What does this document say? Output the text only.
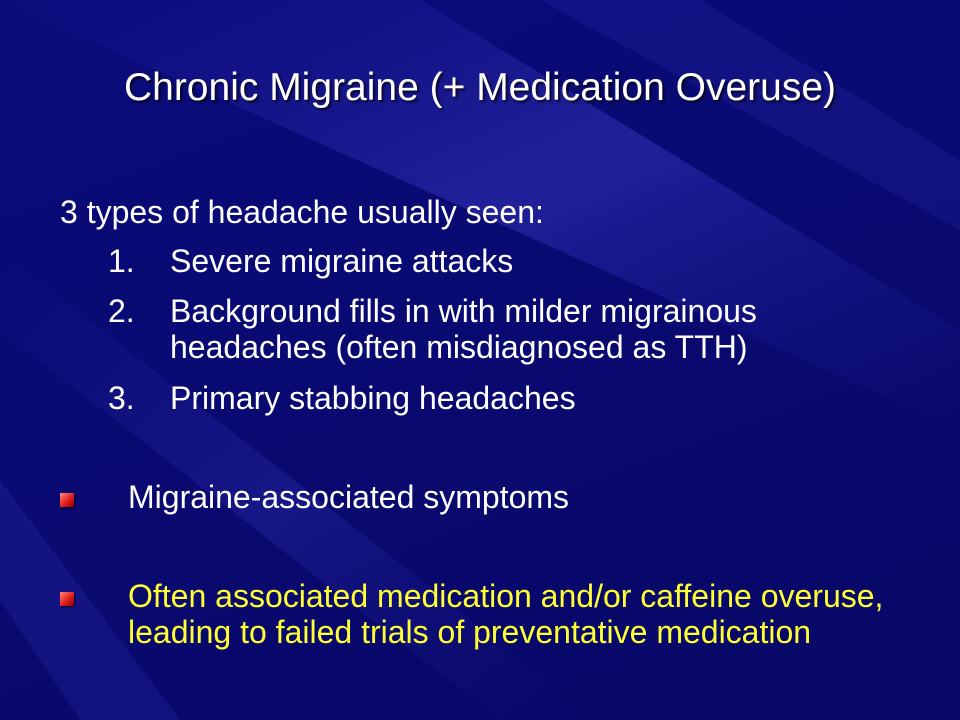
Chronic Migraine (+ Medication Overuse)
3 types of headache usually seen:
1. Severe migraine attacks
2. Background fills in with milder migrainous headaches (often misdiagnosed as TTH)
3. Primary stabbing headaches
Migraine-associated symptoms
Often associated medication and/or caffeine overuse, leading to failed trials of preventative medication
